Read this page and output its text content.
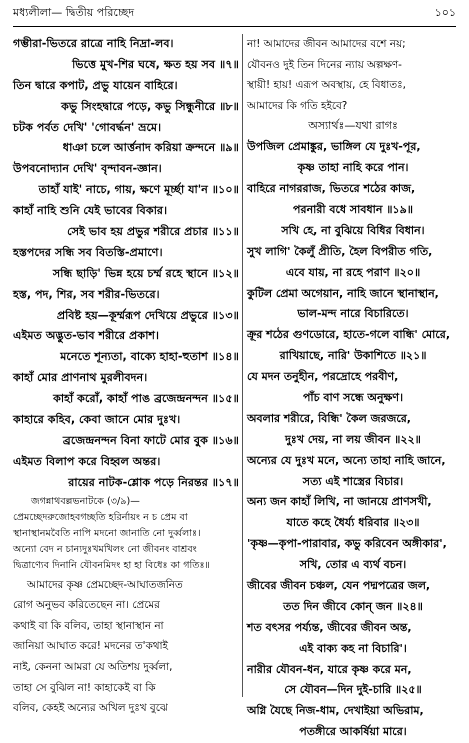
মধ্যলীলা— দ্বিতীয় পরিচ্ছেদ	১০১
গম্ভীরা-ভিতরে রাত্রে নাহি নিদ্রা-লব।
ভিত্তে মুখ-শির ঘষে, ক্ষত হয় সব ॥৭॥
তিন দ্বারে কপাট, প্রভু যায়েন বাহিরে।
কভু সিংহদ্বারে পড়ে, কভু সিন্ধুনীরে ॥৮॥
চটক পর্বত দেখি' 'গোবর্দ্ধন' ভ্রমে।
ধাঞা চলে আর্ত্তনাদ করিয়া ক্রন্দনে ॥৯॥
উপবনোদ্যান দেখি' বৃন্দাবন-জ্ঞান।
তাহাঁ যাই' নাচে, গায়, ক্ষণে মূর্চ্ছা যা'ন ॥১০॥
কাহাঁ নাহি শুনি যেই ভাবের বিকার।
সেই ভাব হয় প্রভুর শরীরে প্রচার ॥১১॥
হস্তপদের সন্ধি সব বিতস্তি-প্রমাণে।
সন্ধি ছাড়ি' ভিন্ন হয়ে চর্ম্ম রহে স্থানে ॥১২॥
হস্ত, পদ, শির, সব শরীর-ভিতরে।
প্রবিষ্ট হয়—কূর্ম্মরূপ দেখিয়ে প্রভুরে ॥১৩॥
এইমত অদ্ভুত-ভাব শরীরে প্রকাশ।
মনেতে শূন্যতা, বাক্যে হাহা-হুতাশ ॥১৪॥
কাহাঁ মোর প্রাণনাথ মুরলীবদন।
কাহাঁ করোঁ, কাহাঁ পাঙ ব্রজেন্দ্রনন্দন ॥১৫॥
কাহারে কহিব, কেবা জানে মোর দুঃখ।
ব্রজেন্দ্রনন্দন বিনা ফাটে মোর বুক ॥১৬॥
এইমত বিলাপ করে বিহ্বল অন্তর।
রায়ের নাটক-শ্লোক পড়ে নিরন্তর ॥১৭॥
জগন্নাথবল্লভনাটকে (৩/৯)—
প্রেমচ্ছেদরুজোহবগচ্ছতি হরির্নায়ং ন চ প্রেম বা
স্থানাস্থানমবৈতি নাপি মদনো জানাতি নো দুর্ব্বলাঃ।
অন্যো বেদ ন চান্যদুঃখমখিলং নো জীবনং বাশ্রবং
দ্বিত্রাণ্যেব দিনানি যৌবনমিদং হা হা বিধেঃ কা গতিঃ॥
আমাদের কৃষ্ণ প্রেমচ্ছেদ-আঘাতজনিত
রোগ অনুভব করিতেছেন না। প্রেমের
কথাই বা কি বলিব, তাহা স্থানাস্থান না
জানিয়া আঘাত করে! মদনের ত'কথাই
নাই, কেননা আমরা যে অতিশয় দুর্ব্বলা,
তাহা সে বুঝিল না! কাহাকেই বা কি
বলিব, কেহই অন্যের অখিল দুঃখ বুঝে
না! আমাদের জীবন আমাদের বশে নয়;
যৌবনও দুই তিন দিনের ন্যায় অল্পক্ষণ-
স্থায়ী! হায়! এরূপ অবস্থায়, হে বিধাতঃ,
আমাদের কি গতি হইবে?
অস্যার্থঃ—যথা রাগঃ
উপজিল প্রেমাঙ্কুর, ভাঙ্গিল যে দুঃখ-পূর,
কৃষ্ণ তাহা নাহি করে পান।
বাহিরে নাগররাজ, ভিতরে শঠের কাজ,
পরনারী বধে সাবধান ॥১৯॥
সখি হে, না বুঝিয়ে বিধির বিধান।
সুখ লাগি' কৈলুঁ প্রীতি, হৈল বিপরীত গতি,
এবে যায়, না রহে পরাণ ॥২০॥
কুটিল প্রেমা অগেয়ান, নাহি জানে স্থানাস্থান,
ভাল-মন্দ নারে বিচারিতে।
ক্রূর শঠের গুণডোরে, হাতে-গলে বান্ধি' মোরে,
রাখিয়াছে, নারি' উকাশিতে ॥২১॥
যে মদন তনুহীন, পরদ্রোহে পরবীণ,
পাঁচ বাণ সন্ধে অনুক্ষণ।
অবলার শরীরে, বিন্ধি' কৈল জরজরে,
দুঃখ দেয়, না লয় জীবন ॥২২॥
অন্যের যে দুঃখ মনে, অন্যে তাহা নাহি জানে,
সত্য এই শাস্ত্রের বিচার।
অন্য জন কাহাঁ লিখি, না জানয়ে প্রাণসখী,
যাতে কহে ধৈর্য্য ধরিবার ॥২৩॥
'কৃষ্ণ—কৃপা-পারাবার, কভু করিবেন অঙ্গীকার',
সখি, তোর এ ব্যর্থ বচন।
জীবের জীবন চঞ্চল, যেন পদ্মপত্রের জল,
তত দিন জীবে কোন্ জন ॥২৪॥
শত বৎসর পর্য্যন্ত, জীবের জীবন অন্ত,
এই বাক্য কহ না বিচারি'।
নারীর যৌবন-ধন, যারে কৃষ্ণ করে মন,
সে যৌবন—দিন দুই-চারি ॥২৫॥
অগ্নি যৈছে নিজ-ধাম, দেখাইয়া অভিরাম,
পতঙ্গীরে আকর্ষিয়া মারে।
